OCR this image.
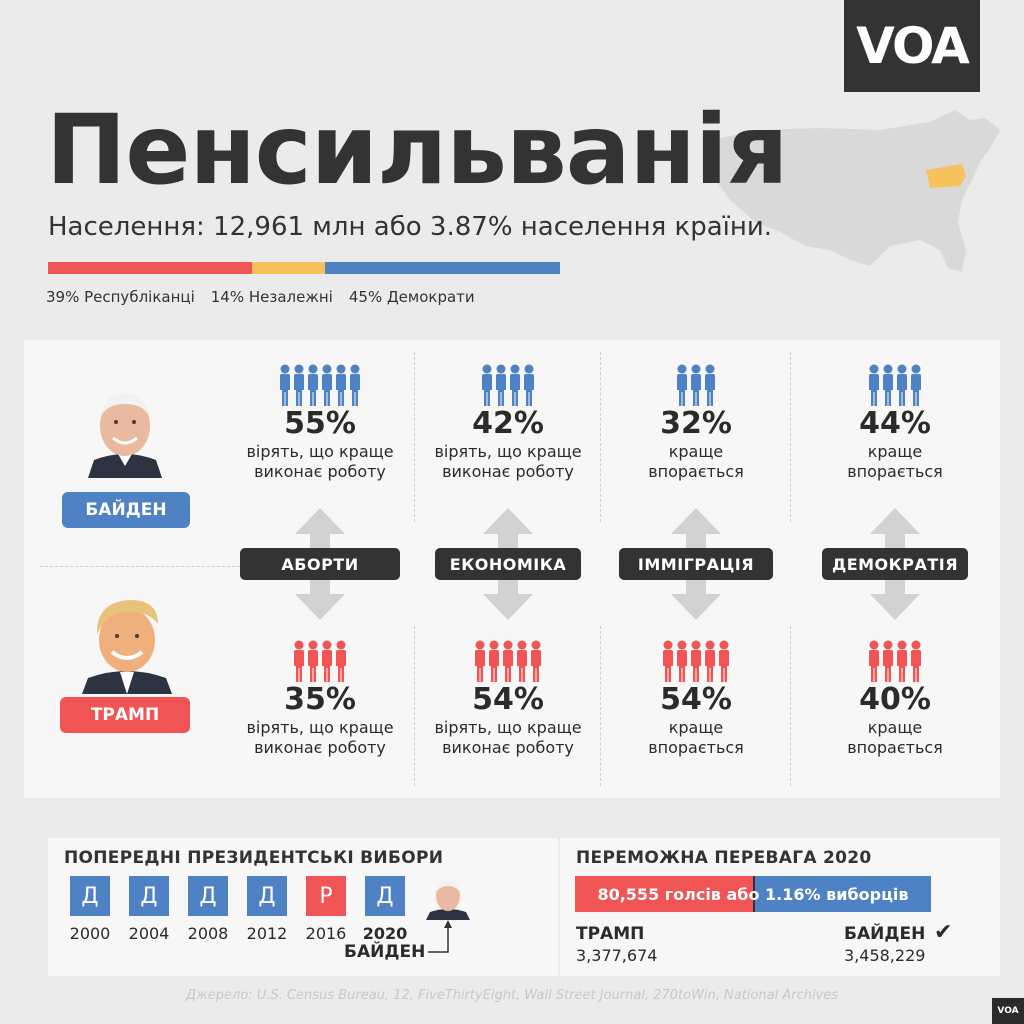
VOA
Пенсильванія
Населення: 12,961 млн або 3.87% населення країни.
39% Республіканці 14% Незалежні 45% Демократи
БАЙДЕН
ТРАМП
55%
вірять, що краще
виконає роботу
35%
вірять, що краще
виконає роботу
АБОРТИ
42%
вірять, що краще
виконає роботу
54%
вірять, що краще
виконає роботу
ЕКОНОМІКА
32%
краще
впорається
54%
краще
впорається
ІММІГРАЦІЯ
44%
краще
впорається
40%
краще
впорається
ДЕМОКРАТІЯ
ПОПЕРЕДНІ ПРЕЗИДЕНТСЬКІ ВИБОРИ
Д
2000
Д
2004
Д
2008
Д
2012
Р
2016
Д
2020
БАЙДЕН
ПЕРЕМОЖНА ПЕРЕВАГА 2020
80,555 голсів або 1.16% виборців
ТРАМП
3,377,674
БАЙДЕН ✔
3,458,229
Джерело: U.S. Census Bureau, 12, FiveThirtyEight, Wall Street Journal, 270toWin, National Archives
VOA
